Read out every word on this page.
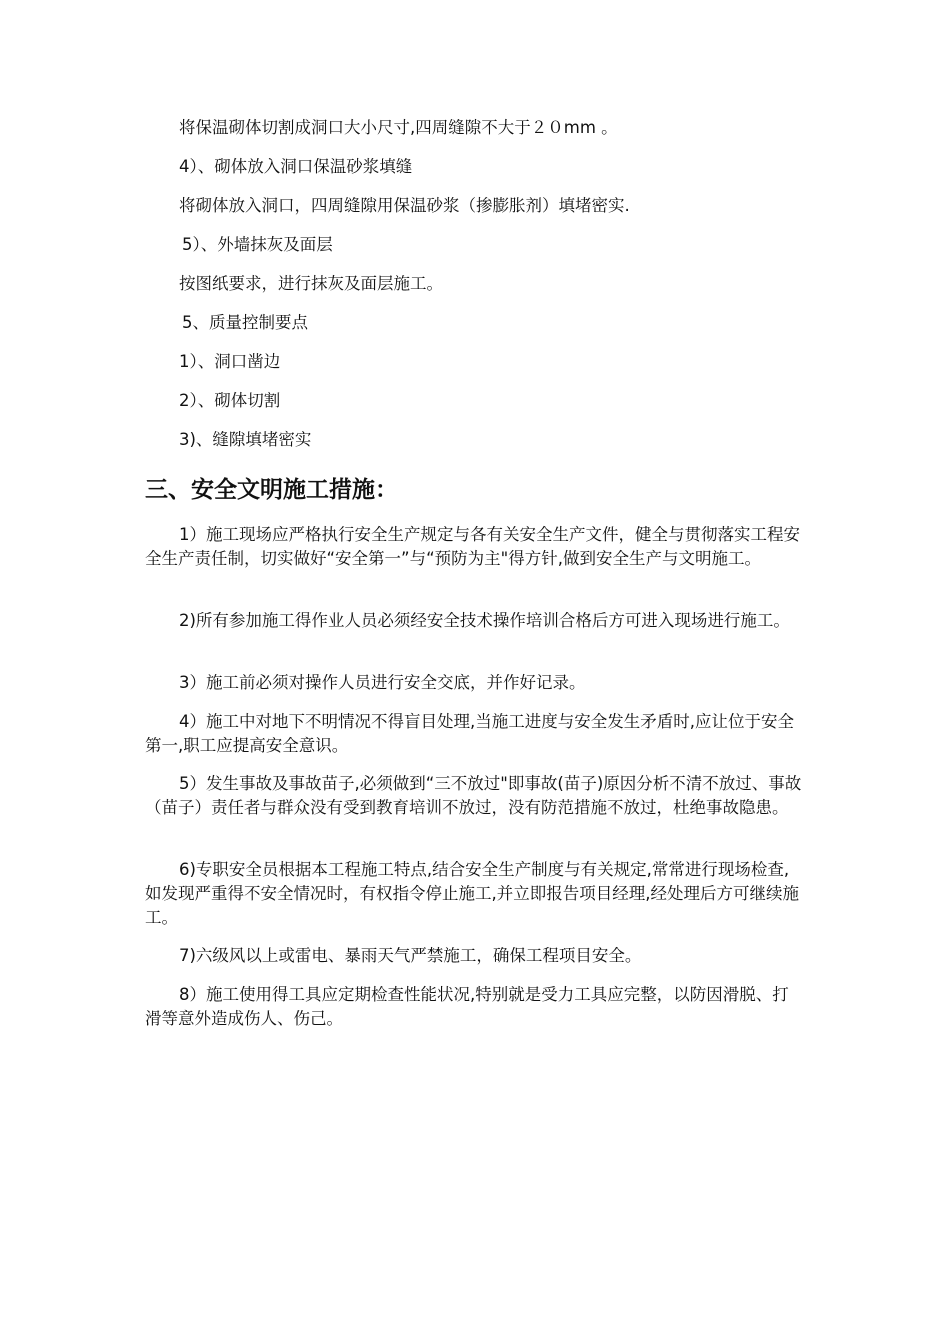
将保温砌体切割成洞口大小尺寸,四周缝隙不大于２０mm 。
4）、砌体放入洞口保温砂浆填缝
将砌体放入洞口，四周缝隙用保温砂浆（掺膨胀剂）填堵密实.
5）、外墙抹灰及面层
按图纸要求，进行抹灰及面层施工。
5、质量控制要点
1）、洞口凿边
2）、砌体切割
3)、缝隙填堵密实
三、安全文明施工措施：
1）施工现场应严格执行安全生产规定与各有关安全生产文件，健全与贯彻落实工程安全生产责任制，切实做好“安全第一”与“预防为主"得方针,做到安全生产与文明施工。
2)所有参加施工得作业人员必须经安全技术操作培训合格后方可进入现场进行施工。
3）施工前必须对操作人员进行安全交底，并作好记录。
4）施工中对地下不明情况不得盲目处理,当施工进度与安全发生矛盾时,应让位于安全第一,职工应提高安全意识。
5）发生事故及事故苗子,必须做到“三不放过"即事故(苗子)原因分析不清不放过、事故（苗子）责任者与群众没有受到教育培训不放过，没有防范措施不放过，杜绝事故隐患。
6)专职安全员根据本工程施工特点,结合安全生产制度与有关规定,常常进行现场检查,如发现严重得不安全情况时，有权指令停止施工,并立即报告项目经理,经处理后方可继续施工。
7)六级风以上或雷电、暴雨天气严禁施工，确保工程项目安全。
8）施工使用得工具应定期检查性能状况,特别就是受力工具应完整，以防因滑脱、打滑等意外造成伤人、伤己。
